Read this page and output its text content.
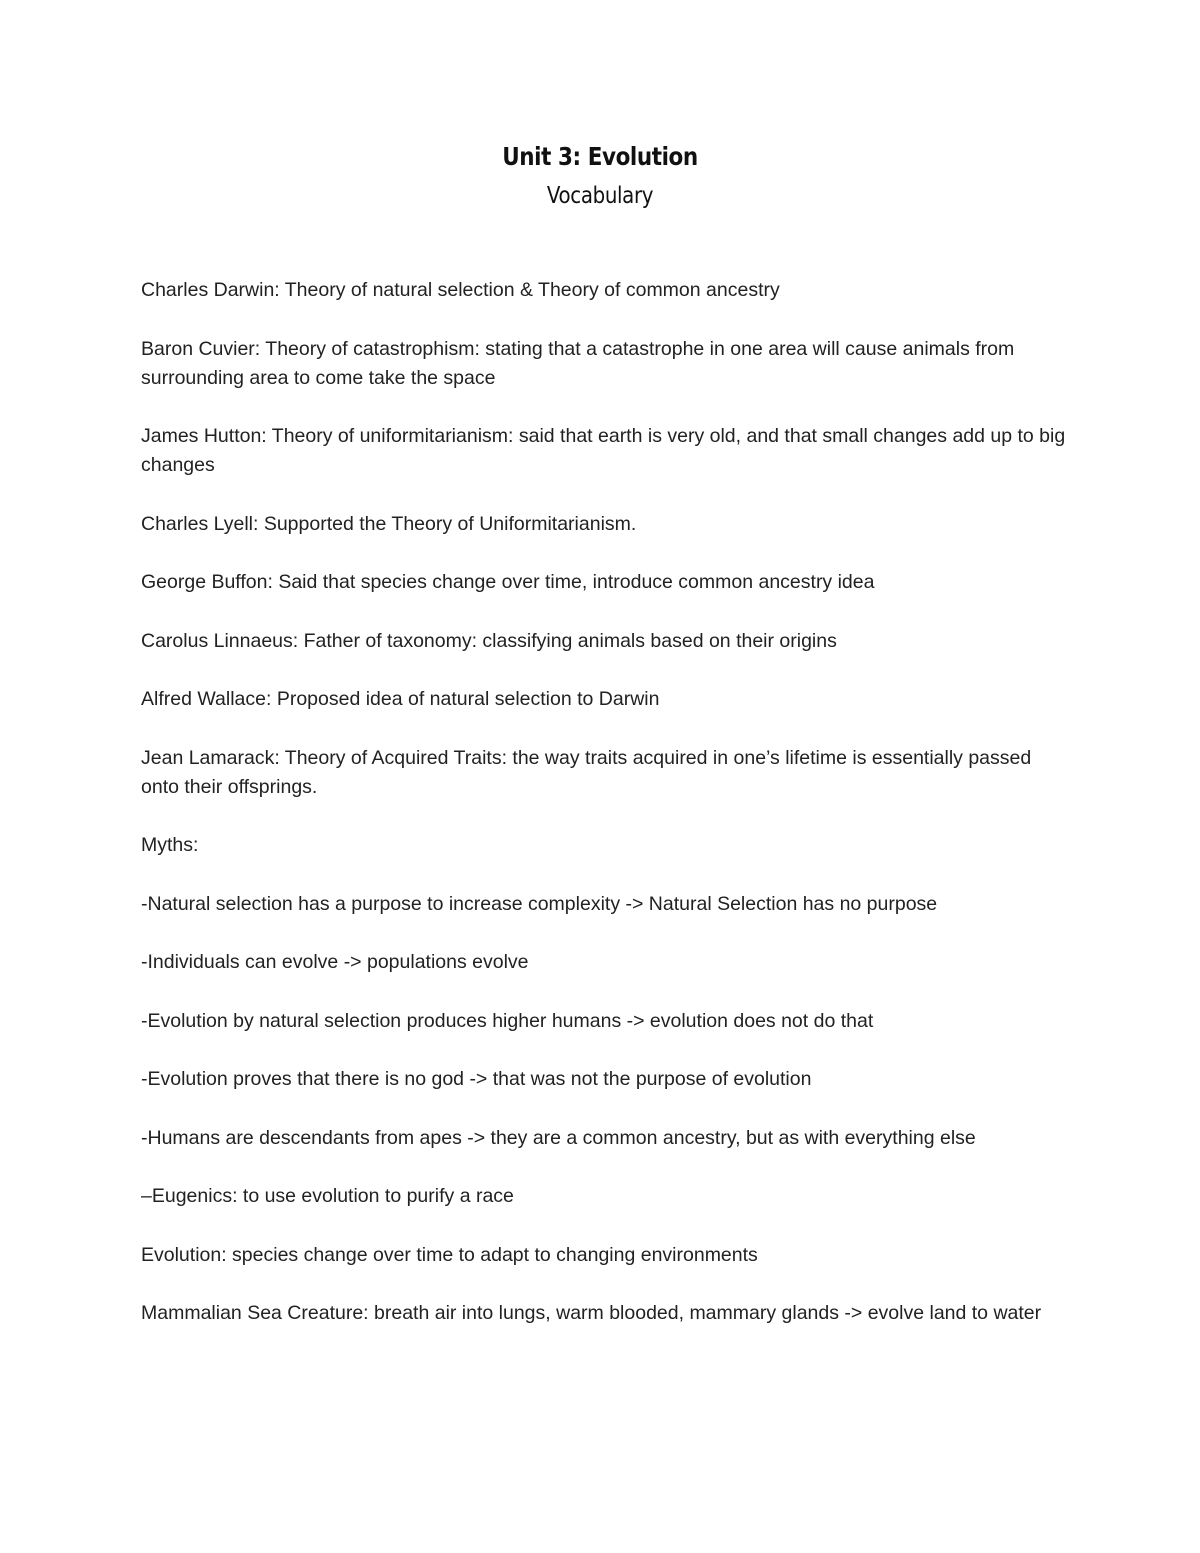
Unit 3: Evolution
Vocabulary

Charles Darwin: Theory of natural selection & Theory of common ancestry

Baron Cuvier: Theory of catastrophism: stating that a catastrophe in one area will cause animals from surrounding area to come take the space

James Hutton: Theory of uniformitarianism: said that earth is very old, and that small changes add up to big changes

Charles Lyell: Supported the Theory of Uniformitarianism.

George Buffon: Said that species change over time, introduce common ancestry idea

Carolus Linnaeus: Father of taxonomy: classifying animals based on their origins

Alfred Wallace: Proposed idea of natural selection to Darwin

Jean Lamarack: Theory of Acquired Traits: the way traits acquired in one’s lifetime is essentially passed onto their offsprings.

Myths:

-Natural selection has a purpose to increase complexity -> Natural Selection has no purpose

-Individuals can evolve -> populations evolve

-Evolution by natural selection produces higher humans -> evolution does not do that

-Evolution proves that there is no god -> that was not the purpose of evolution

-Humans are descendants from apes -> they are a common ancestry, but as with everything else

–Eugenics: to use evolution to purify a race

Evolution: species change over time to adapt to changing environments

Mammalian Sea Creature: breath air into lungs, warm blooded, mammary glands -> evolve land to water
